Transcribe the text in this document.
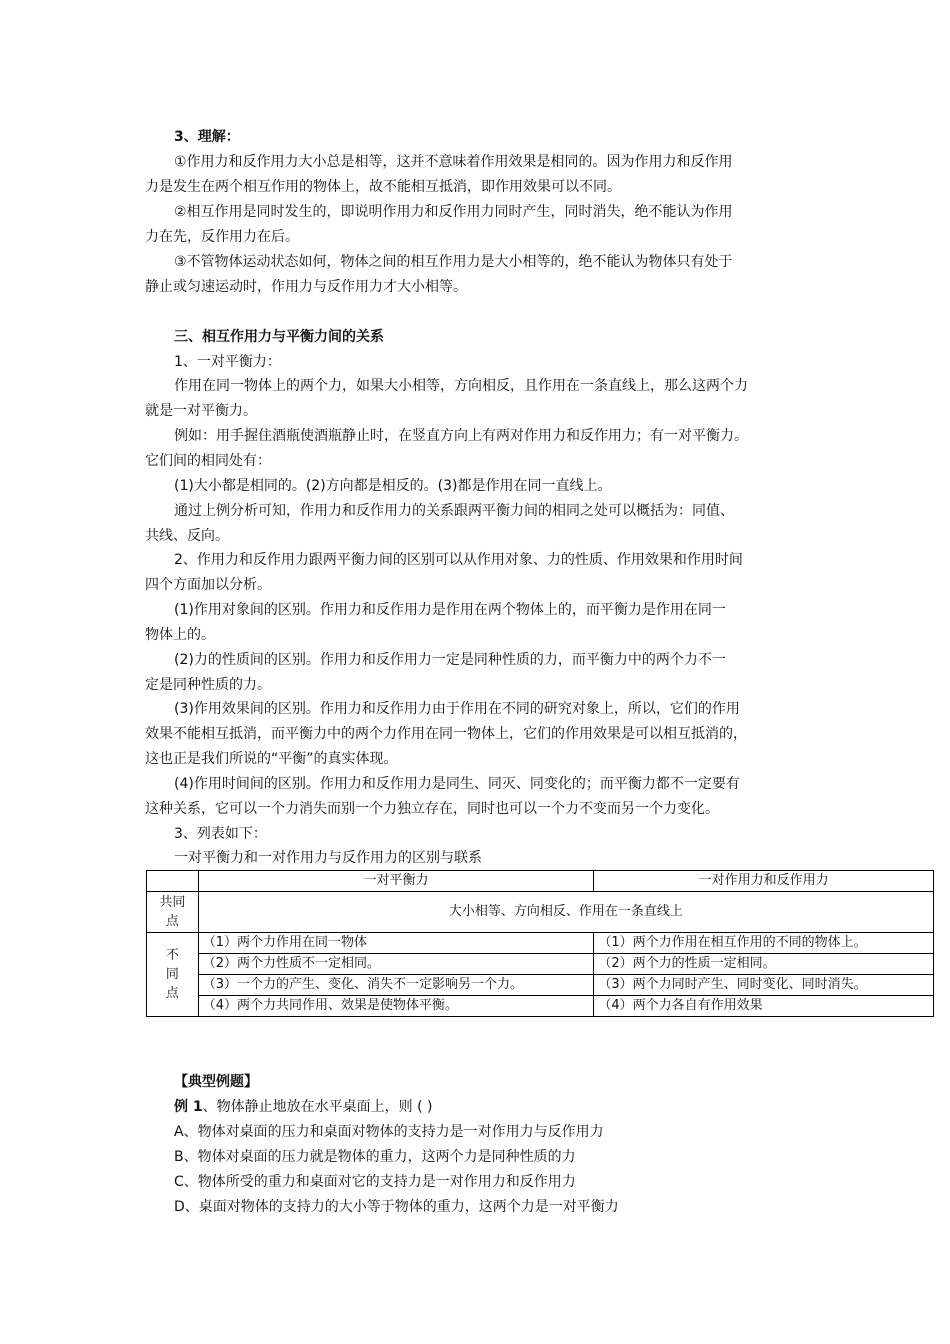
3、理解：
①作用力和反作用力大小总是相等，这并不意味着作用效果是相同的。因为作用力和反作用
力是发生在两个相互作用的物体上，故不能相互抵消，即作用效果可以不同。
②相互作用是同时发生的，即说明作用力和反作用力同时产生，同时消失，绝不能认为作用
力在先，反作用力在后。
③不管物体运动状态如何，物体之间的相互作用力是大小相等的，绝不能认为物体只有处于
静止或匀速运动时，作用力与反作用力才大小相等。
三、相互作用力与平衡力间的关系
1、一对平衡力：
作用在同一物体上的两个力，如果大小相等，方向相反，且作用在一条直线上，那么这两个力
就是一对平衡力。
例如：用手握住酒瓶使酒瓶静止时，在竖直方向上有两对作用力和反作用力；有一对平衡力。
它们间的相同处有：
(1)大小都是相同的。(2)方向都是相反的。(3)都是作用在同一直线上。
通过上例分析可知，作用力和反作用力的关系跟两平衡力间的相同之处可以概括为：同值、
共线、反向。
2、作用力和反作用力跟两平衡力间的区别可以从作用对象、力的性质、作用效果和作用时间
四个方面加以分析。
(1)作用对象间的区别。作用力和反作用力是作用在两个物体上的，而平衡力是作用在同一
物体上的。
(2)力的性质间的区别。作用力和反作用力一定是同种性质的力，而平衡力中的两个力不一
定是同种性质的力。
(3)作用效果间的区别。作用力和反作用力由于作用在不同的研究对象上，所以，它们的作用
效果不能相互抵消，而平衡力中的两个力作用在同一物体上，它们的作用效果是可以相互抵消的，
这也正是我们所说的“平衡”的真实体现。
(4)作用时间间的区别。作用力和反作用力是同生、同灭、同变化的；而平衡力都不一定要有
这种关系，它可以一个力消失而别一个力独立存在，同时也可以一个力不变而另一个力变化。
3、列表如下：
一对平衡力和一对作用力与反作用力的区别与联系
	一对平衡力	一对作用力和反作用力
共同
点	大小相等、方向相反、作用在一条直线上	
不
同
点	（1）两个力作用在同一物体	（1）两个力作用在相互作用的不同的物体上。
	（2）两个力性质不一定相同。	（2）两个力的性质一定相同。
	（3）一个力的产生、变化、消失不一定影响另一个力。	（3）两个力同时产生、同时变化、同时消失。
	（4）两个力共同作用、效果是使物体平衡。	（4）两个力各自有作用效果
【典型例题】
例 1、物体静止地放在水平桌面上，则 ( )
A、物体对桌面的压力和桌面对物体的支持力是一对作用力与反作用力
B、物体对桌面的压力就是物体的重力，这两个力是同种性质的力
C、物体所受的重力和桌面对它的支持力是一对作用力和反作用力
D、桌面对物体的支持力的大小等于物体的重力，这两个力是一对平衡力
